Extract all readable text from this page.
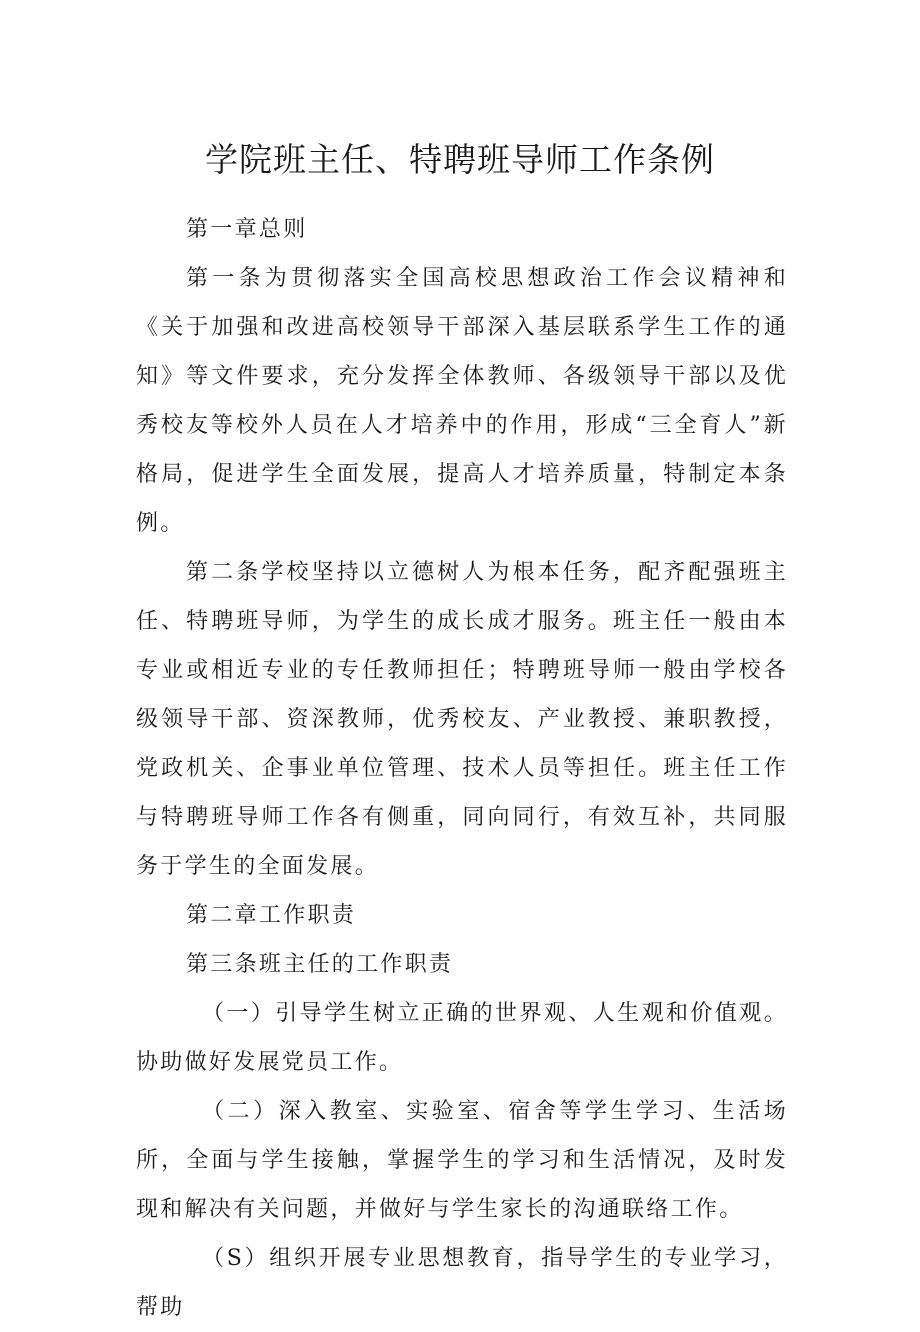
学院班主任、特聘班导师工作条例

第一章总则

第一条为贯彻落实全国高校思想政治工作会议精神和《关于加强和改进高校领导干部深入基层联系学生工作的通知》等文件要求，充分发挥全体教师、各级领导干部以及优秀校友等校外人员在人才培养中的作用，形成“三全育人”新格局，促进学生全面发展，提高人才培养质量，特制定本条例。

第二条学校坚持以立德树人为根本任务，配齐配强班主任、特聘班导师，为学生的成长成才服务。班主任一般由本专业或相近专业的专任教师担任；特聘班导师一般由学校各级领导干部、资深教师，优秀校友、产业教授、兼职教授，党政机关、企事业单位管理、技术人员等担任。班主任工作与特聘班导师工作各有侧重，同向同行，有效互补，共同服务于学生的全面发展。

第二章工作职责

第三条班主任的工作职责

（一）引导学生树立正确的世界观、人生观和价值观。协助做好发展党员工作。

（二）深入教室、实验室、宿舍等学生学习、生活场所，全面与学生接触，掌握学生的学习和生活情况，及时发现和解决有关问题，并做好与学生家长的沟通联络工作。

（S）组织开展专业思想教育，指导学生的专业学习，帮助
